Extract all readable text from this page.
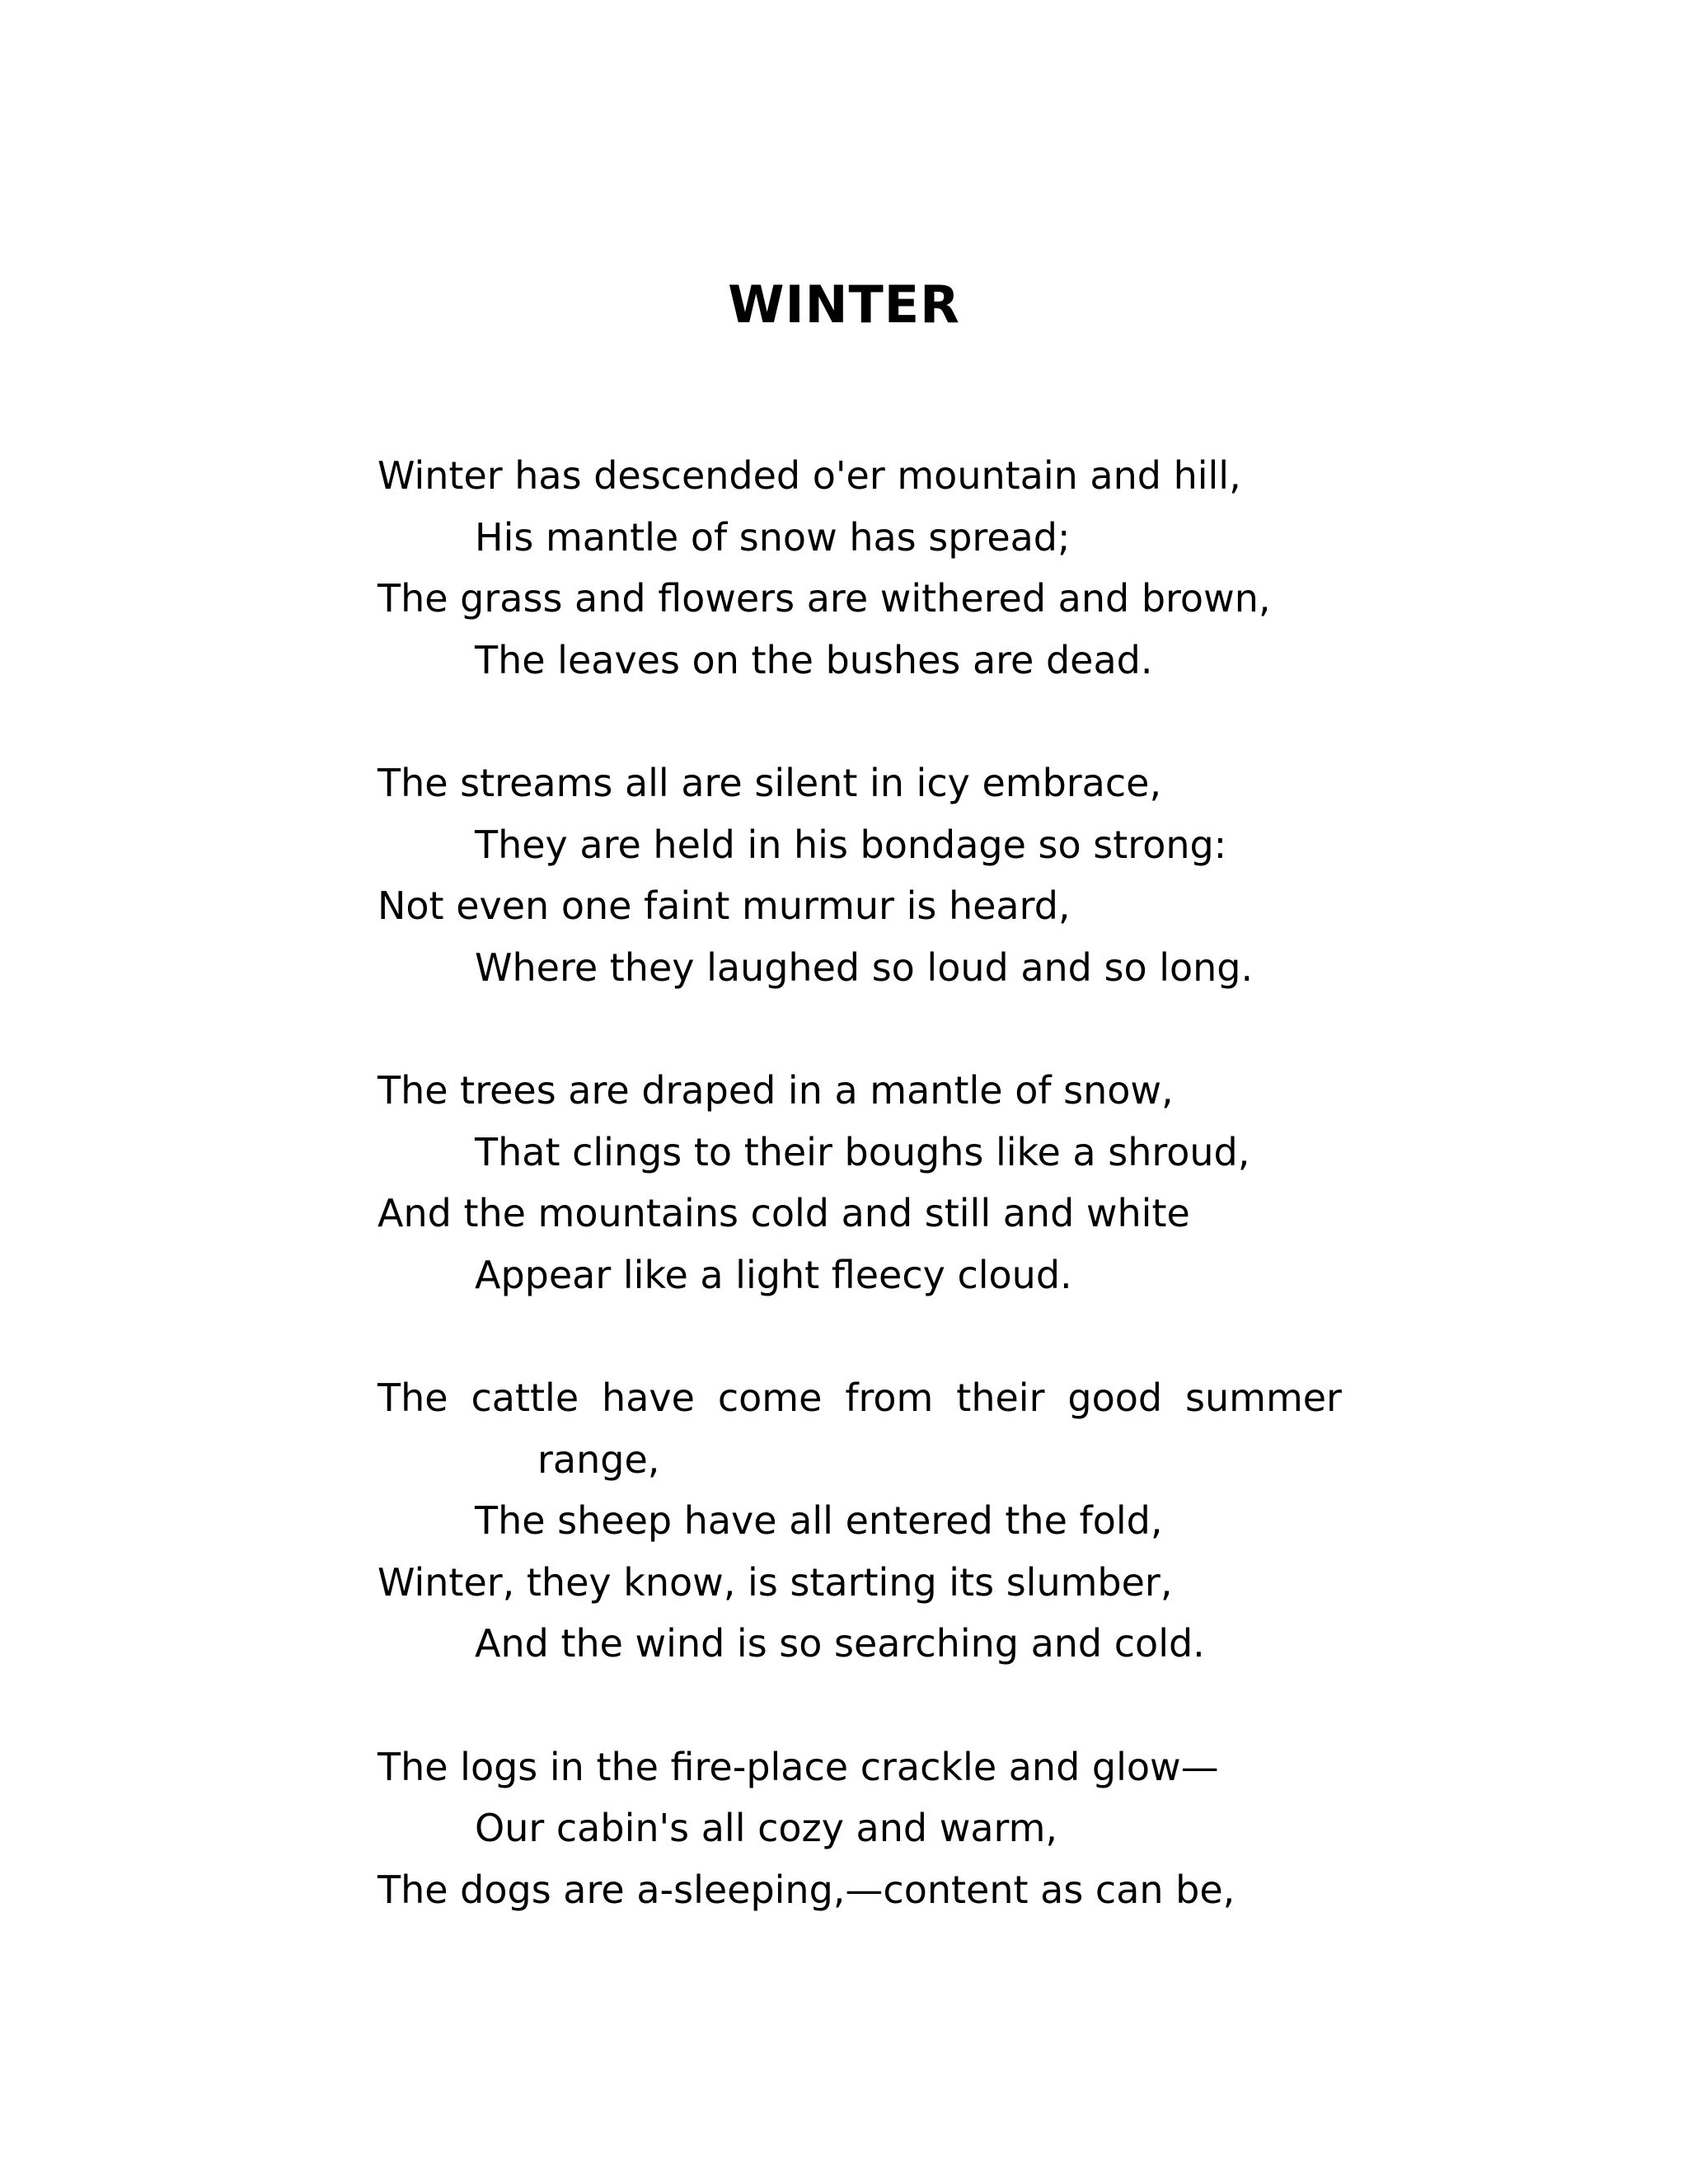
WINTER
Winter has descended o'er mountain and hill,
His mantle of snow has spread;
The grass and flowers are withered and brown,
The leaves on the bushes are dead.
The streams all are silent in icy embrace,
They are held in his bondage so strong:
Not even one faint murmur is heard,
Where they laughed so loud and so long.
The trees are draped in a mantle of snow,
That clings to their boughs like a shroud,
And the mountains cold and still and white
Appear like a light fleecy cloud.
The cattle have come from their good summer
range,
The sheep have all entered the fold,
Winter, they know, is starting its slumber,
And the wind is so searching and cold.
The logs in the fire-place crackle and glow—
Our cabin's all cozy and warm,
The dogs are a-sleeping,—content as can be,
